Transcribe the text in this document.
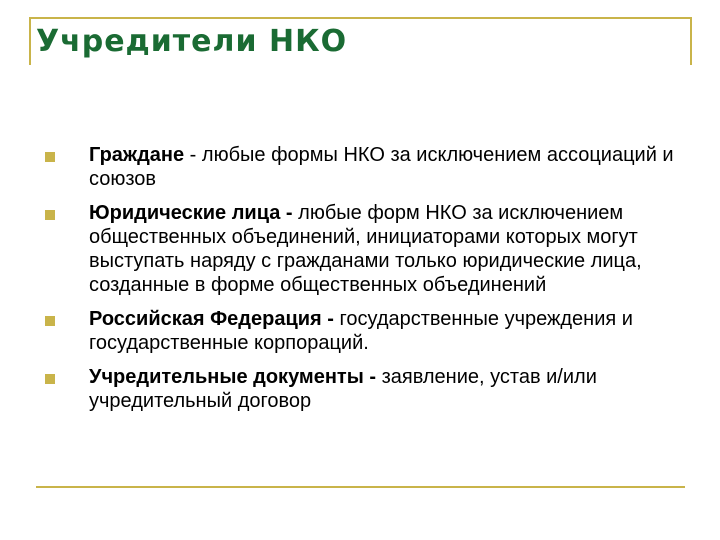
Учредители НКО
Граждане - любые формы НКО за исключением ассоциаций и союзов
Юридические лица - любые форм НКО за исключением общественных объединений, инициаторами которых могут выступать наряду с гражданами только юридические лица, созданные в форме общественных объединений
Российская Федерация - государственные учреждения и государственные корпораций.
Учредительные документы - заявление, устав и/или учредительный договор
